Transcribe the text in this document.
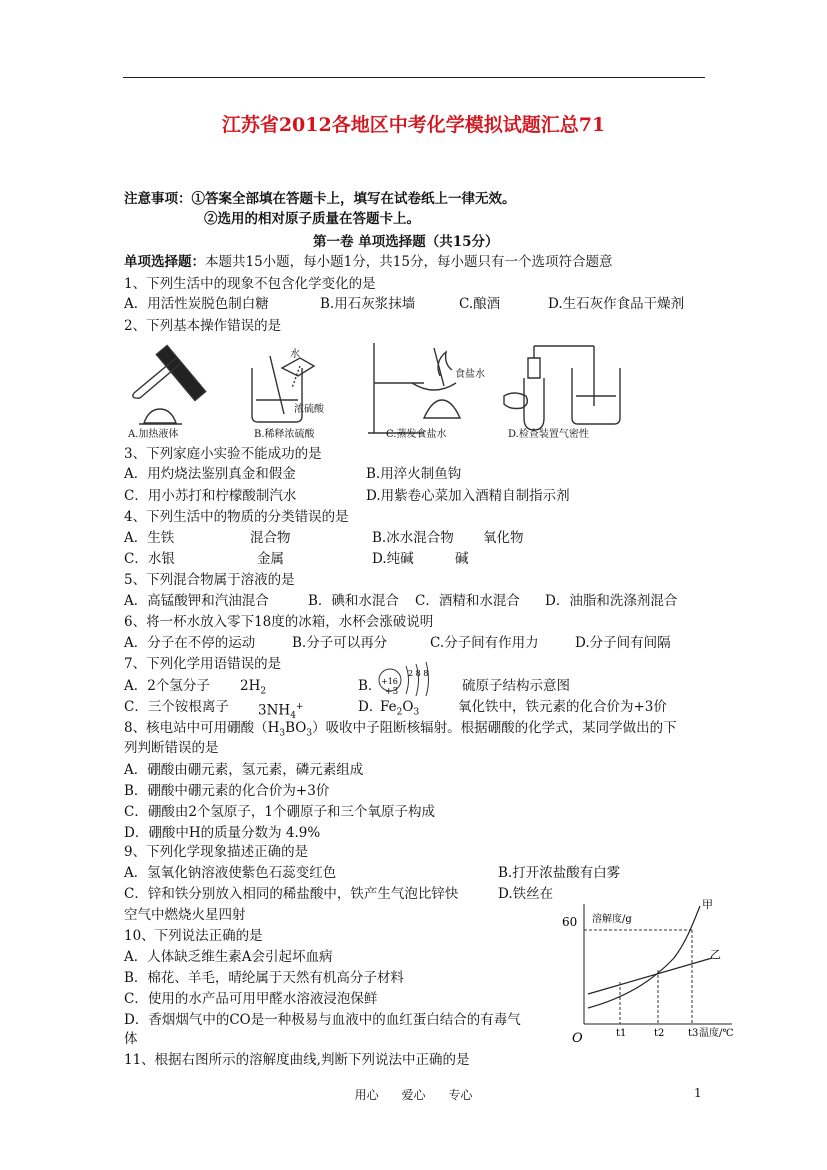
江苏省2012各地区中考化学模拟试题汇总71
注意事项：①答案全部填在答题卡上，填写在试卷纸上一律无效。
②选用的相对原子质量在答题卡上。
第一卷 单项选择题（共15分）
单项选择题：本题共15小题，每小题1分，共15分，每小题只有一个选项符合题意
1、下列生活中的现象不包含化学变化的是
A．用活性炭脱色制白糖	B.用石灰浆抹墙	C.酿酒	D.生石灰作食品干燥剂
2、下列基本操作错误的是
A.加热液体	B.稀释浓硫酸	C.蒸发食盐水	D.检查装置气密性
水
浓硫酸
食盐水
3、下列家庭小实验不能成功的是
A．用灼烧法鉴别真金和假金	B.用淬火制鱼钩
C．用小苏打和柠檬酸制汽水	D.用紫卷心菜加入酒精自制指示剂
4、下列生活中的物质的分类错误的是
A．生铁	混合物	B.冰水混合物 氧化物
C．水银	金属	D.纯碱	碱
5、下列混合物属于溶液的是
A．高锰酸钾和汽油混合	B．碘和水混合 C．酒精和水混合 D．油脂和洗涤剂混合
6、将一杯水放入零下18度的冰箱，水杯会涨破说明
A．分子在不停的运动	B.分子可以再分	C.分子间有作用力	D.分子间有间隔
7、下列化学用语错误的是
A．2个氢分子 $2H_2$	B． +16
2 8 8
硫原子结构示意图
C．三个铵根离子 $3NH_4^+$	D．
+3
$Fe_2O_3$	氧化铁中，铁元素的化合价为+3价
8、核电站中可用硼酸$(H_3BO_3)$吸收中子阻断核辐射。根据硼酸的化学式，某同学做出的下
列判断错误的是
A．硼酸由硼元素，氢元素，磷元素组成
B．硼酸中硼元素的化合价为+3价
C．硼酸由2个氢原子，1个硼原子和三个氧原子构成
D．硼酸中H的质量分数为 4.9%
9、下列化学现象描述正确的是
A．氢氧化钠溶液使紫色石蕊变红色	B.打开浓盐酸有白雾
C．锌和铁分别放入相同的稀盐酸中，铁产生气泡比锌快	D.铁丝在
空气中燃烧火星四射
10、下列说法正确的是
A．人体缺乏维生素A会引起坏血病
B．棉花、羊毛，晴纶属于天然有机高分子材料
C．使用的水产品可用甲醛水溶液浸泡保鲜
D．香烟烟气中的CO是一种极易与血液中的血红蛋白结合的有毒气
体
11、根据右图所示的溶解度曲线,判断下列说法中正确的是
60 溶解度/g
O
甲
乙
t1	t2 t3 温度/℃
用心      爱心      专心	1
